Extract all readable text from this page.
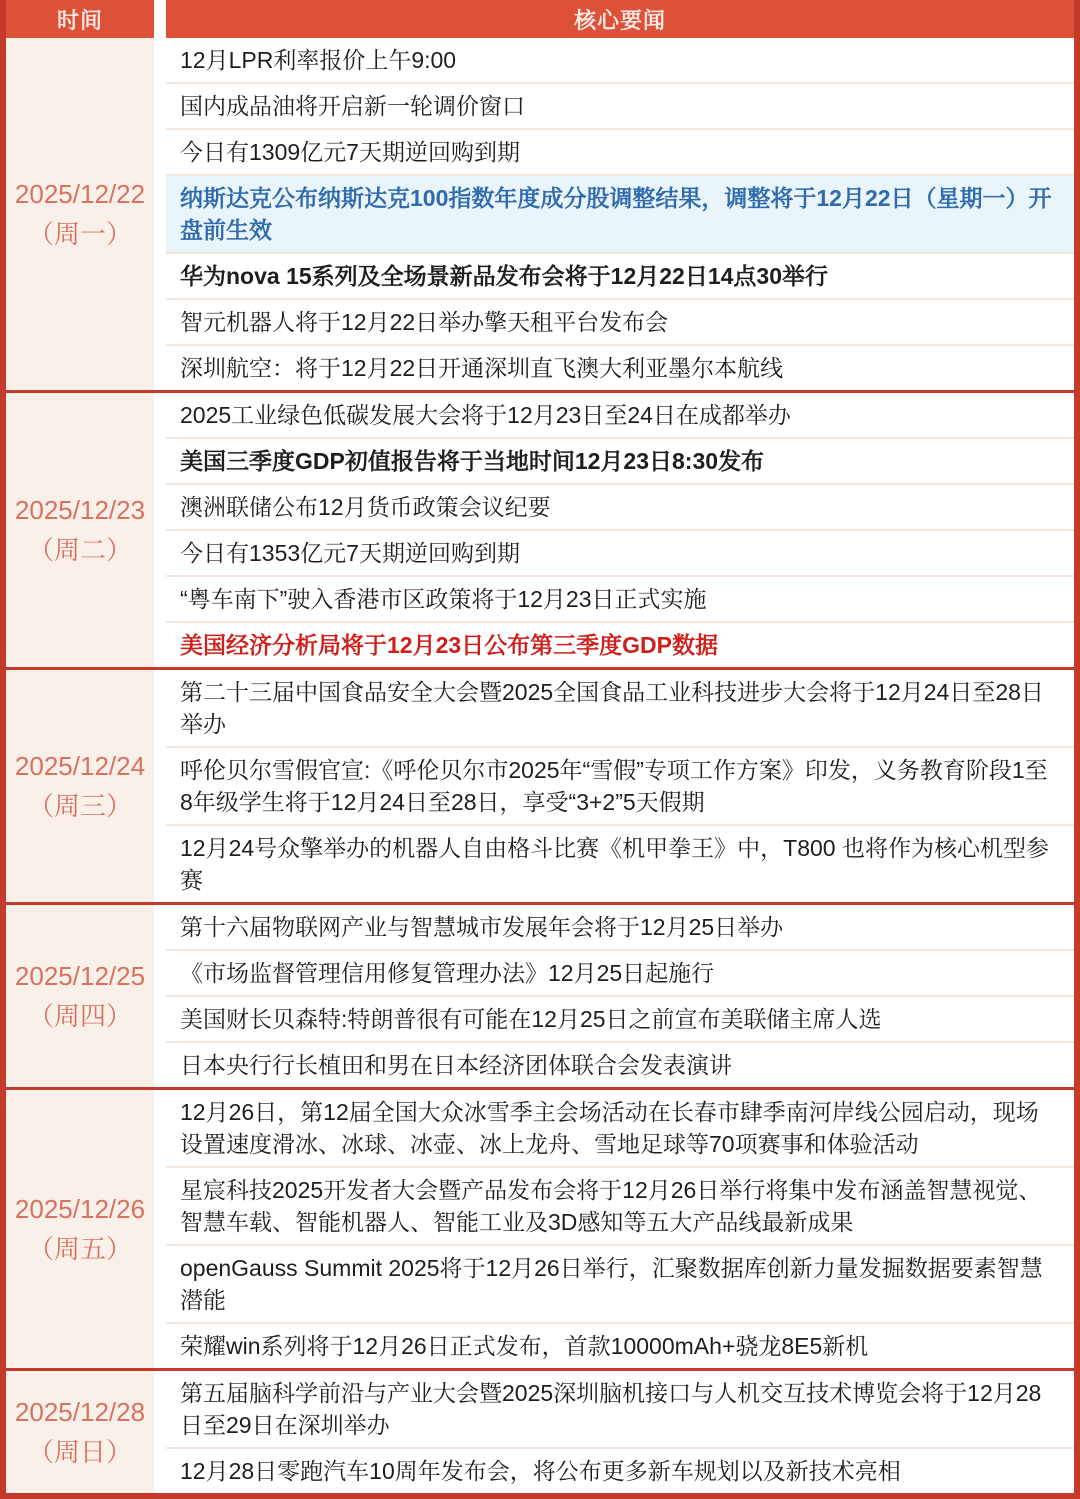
时间	核心要闻
2025/12/22
（周一）
12月LPR利率报价上午9:00
国内成品油将开启新一轮调价窗口
今日有1309亿元7天期逆回购到期
纳斯达克公布纳斯达克100指数年度成分股调整结果，调整将于12月22日（星期一）开盘前生效
华为nova 15系列及全场景新品发布会将于12月22日14点30举行
智元机器人将于12月22日举办擎天租平台发布会
深圳航空：将于12月22日开通深圳直飞澳大利亚墨尔本航线
2025/12/23
（周二）
2025工业绿色低碳发展大会将于12月23日至24日在成都举办
美国三季度GDP初值报告将于当地时间12月23日8:30发布
澳洲联储公布12月货币政策会议纪要
今日有1353亿元7天期逆回购到期
“粤车南下”驶入香港市区政策将于12月23日正式实施
美国经济分析局将于12月23日公布第三季度GDP数据
2025/12/24
（周三）
第二十三届中国食品安全大会暨2025全国食品工业科技进步大会将于12月24日至28日举办
呼伦贝尔雪假官宣:《呼伦贝尔市2025年“雪假”专项工作方案》印发，义务教育阶段1至8年级学生将于12月24日至28日，享受“3+2”5天假期
12月24号众擎举办的机器人自由格斗比赛《机甲拳王》中，T800 也将作为核心机型参赛
2025/12/25
（周四）
第十六届物联网产业与智慧城市发展年会将于12月25日举办
《市场监督管理信用修复管理办法》12月25日起施行
美国财长贝森特:特朗普很有可能在12月25日之前宣布美联储主席人选
日本央行行长植田和男在日本经济团体联合会发表演讲
2025/12/26
（周五）
12月26日，第12届全国大众冰雪季主会场活动在长春市肆季南河岸线公园启动，现场设置速度滑冰、冰球、冰壶、冰上龙舟、雪地足球等70项赛事和体验活动
星宸科技2025开发者大会暨产品发布会将于12月26日举行将集中发布涵盖智慧视觉、智慧车载、智能机器人、智能工业及3D感知等五大产品线最新成果
openGauss Summit 2025将于12月26日举行，汇聚数据库创新力量发掘数据要素智慧潜能
荣耀win系列将于12月26日正式发布，首款10000mAh+骁龙8E5新机
2025/12/28
（周日）
第五届脑科学前沿与产业大会暨2025深圳脑机接口与人机交互技术博览会将于12月28日至29日在深圳举办
12月28日零跑汽车10周年发布会，将公布更多新车规划以及新技术亮相
